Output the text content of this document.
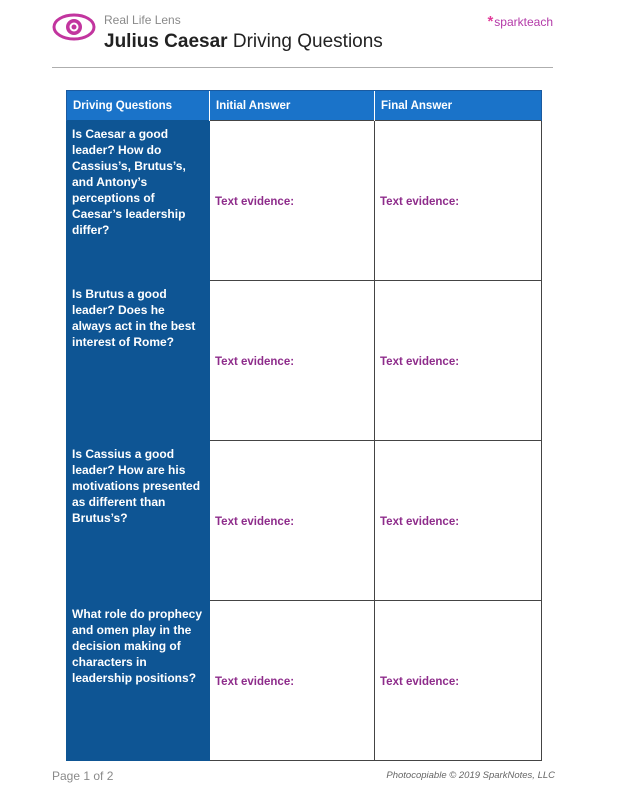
Real Life Lens
Julius Caesar Driving Questions
*sparkteach
Driving Questions	Initial Answer	Final Answer
Is Caesar a good leader? How do Cassius’s, Brutus’s, and Antony’s perceptions of Caesar’s leadership differ?	Text evidence:	Text evidence:
Is Brutus a good leader? Does he always act in the best interest of Rome?	Text evidence:	Text evidence:
Is Cassius a good leader? How are his motivations presented as different than Brutus’s?	Text evidence:	Text evidence:
What role do prophecy and omen play in the decision making of characters in leadership positions?	Text evidence:	Text evidence:
Page 1 of 2	Photocopiable © 2019 SparkNotes, LLC
